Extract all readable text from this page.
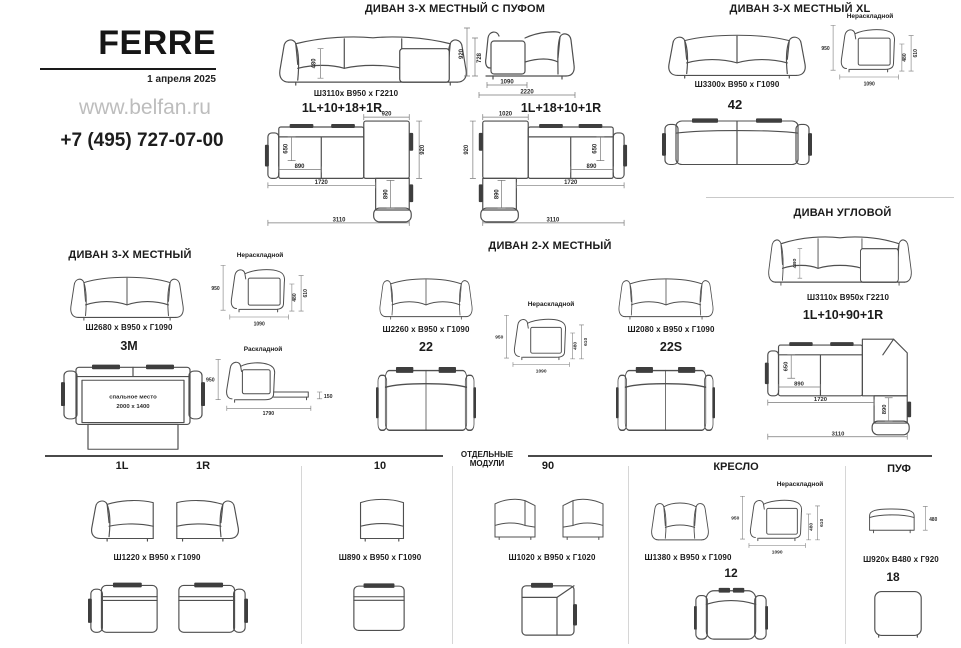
FERRE
1 апреля 2025
www.belfan.ru
+7 (495) 727-07-00
ДИВАН 3-Х МЕСТНЫЙ С ПУФОМ
480
Ш3110х В950 х Г2210
1L+10+18+1R 920
920
650
890
1720
890
3110
920 728
1090
2220
1L+18+10+1R
1020
920	650
890
1720
890
3110
ДИВАН 3-Х МЕСТНЫЙ XL
Ш3300х В950 х Г1090
Нераскладной
950
1090
480
610
42
ДИВАН УГЛОВОЙ
480
Ш3110х В950х Г2210
1L+10+90+1R
650
890
1720
890
3110
ДИВАН 3-Х МЕСТНЫЙ
Ш2680 х В950 х Г1090
3М
спальное место
2000 х 1400
Нераскладной
950
1090
480
610
Раскладной
950
1790
150
ДИВАН 2-Х МЕСТНЫЙ
Ш2260 х В950 х Г1090
22
Нераскладной
950
1090
480
610
Ш2080 х В950 х Г1090
22S
ОТДЕЛЬНЫЕ МОДУЛИ
1L	1R	10	90	КРЕСЛО	ПУФ
Нераскладной
950
1090
480
610	480
Ш1220 х В950 х Г1090	Ш890 х В950 х Г1090	Ш1020 х В950 х Г1020	Ш1380 х В950 х Г1090	Ш920х В480 х Г920
12	18
